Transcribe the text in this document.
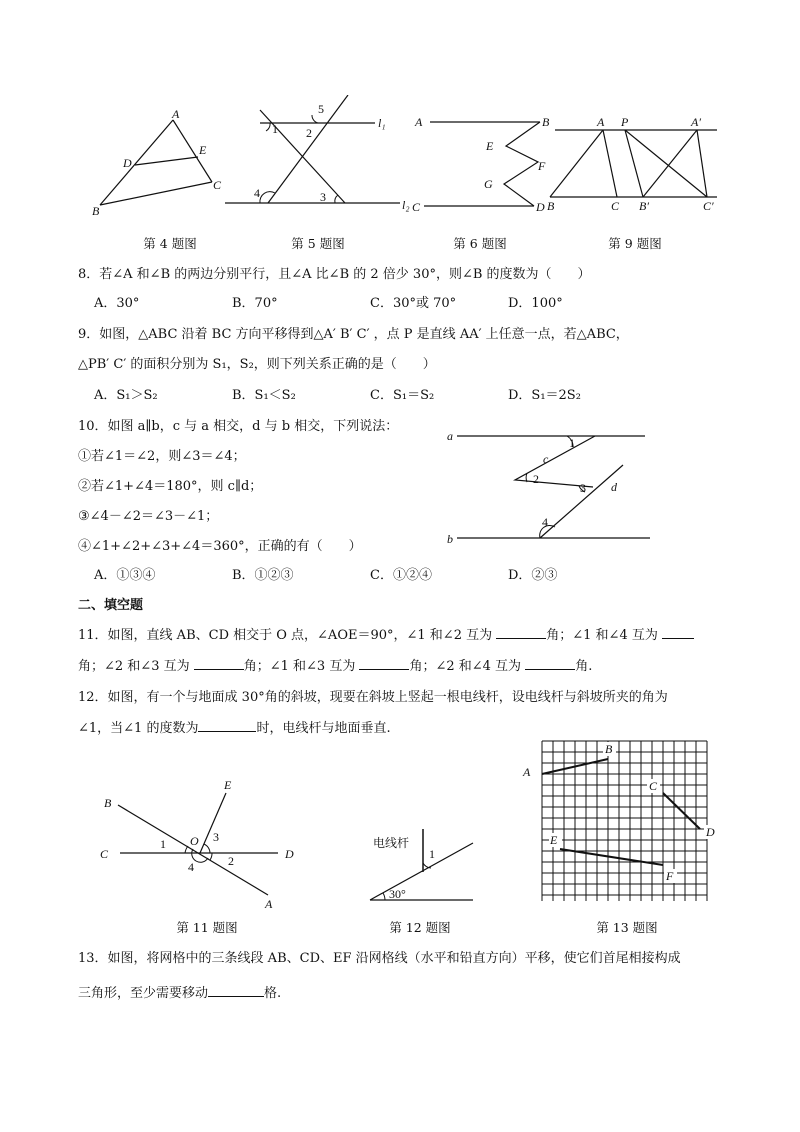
A
B
C
D
E
第 4 题图
1 2
3
4
5
l₁
l₂
第 5 题图
A	B
C	D
E
F
G
第 6 题图
A P	A′
B	C B′	C′
第 9 题图
8．若∠A 和∠B 的两边分别平行，且∠A 比∠B 的 2 倍少 30°，则∠B 的度数为（　　）
A．30°	B．70°	C．30°或 70°	D．100°
9．如图，△ABC 沿着 BC 方向平移得到△A′ B′ C′ ，点 P 是直线 AA′ 上任意一点，若△ABC，
△PB′ C′ 的面积分别为 S₁，S₂，则下列关系正确的是（　　）
A．S₁＞S₂	B．S₁＜S₂	C．S₁＝S₂	D．S₁＝2S₂
10．如图 a∥b，c 与 a 相交，d 与 b 相交，下列说法：
①若∠1＝∠2，则∠3＝∠4；
②若∠1+∠4＝180°，则 c∥d；
③∠4－∠2＝∠3－∠1；
④∠1+∠2+∠3+∠4＝360°，正确的有（　　）
A．①③④	B．①②③	C．①②④	D．②③
a
b
c
d
1
2
3
4
二、填空题
11．如图，直线 AB、CD 相交于 O 点，∠AOE＝90°，∠1 和∠2 互为	角；∠1 和∠4 互为
角；∠2 和∠3 互为	角；∠1 和∠3 互为	角；∠2 和∠4 互为	角.
12．如图，有一个与地面成 30°角的斜坡，现要在斜坡上竖起一根电线杆，设电线杆与斜坡所夹的角为
∠1，当∠1 的度数为	时，电线杆与地面垂直.
B
C	D
E
A
O
1
2
3
4
第 11 题图
电线杆
1
30°
第 12 题图
A
B
C
D
E
F
第 13 题图
13．如图，将网格中的三条线段 AB、CD、EF 沿网格线（水平和铅直方向）平移，使它们首尾相接构成
三角形，至少需要移动	格.
